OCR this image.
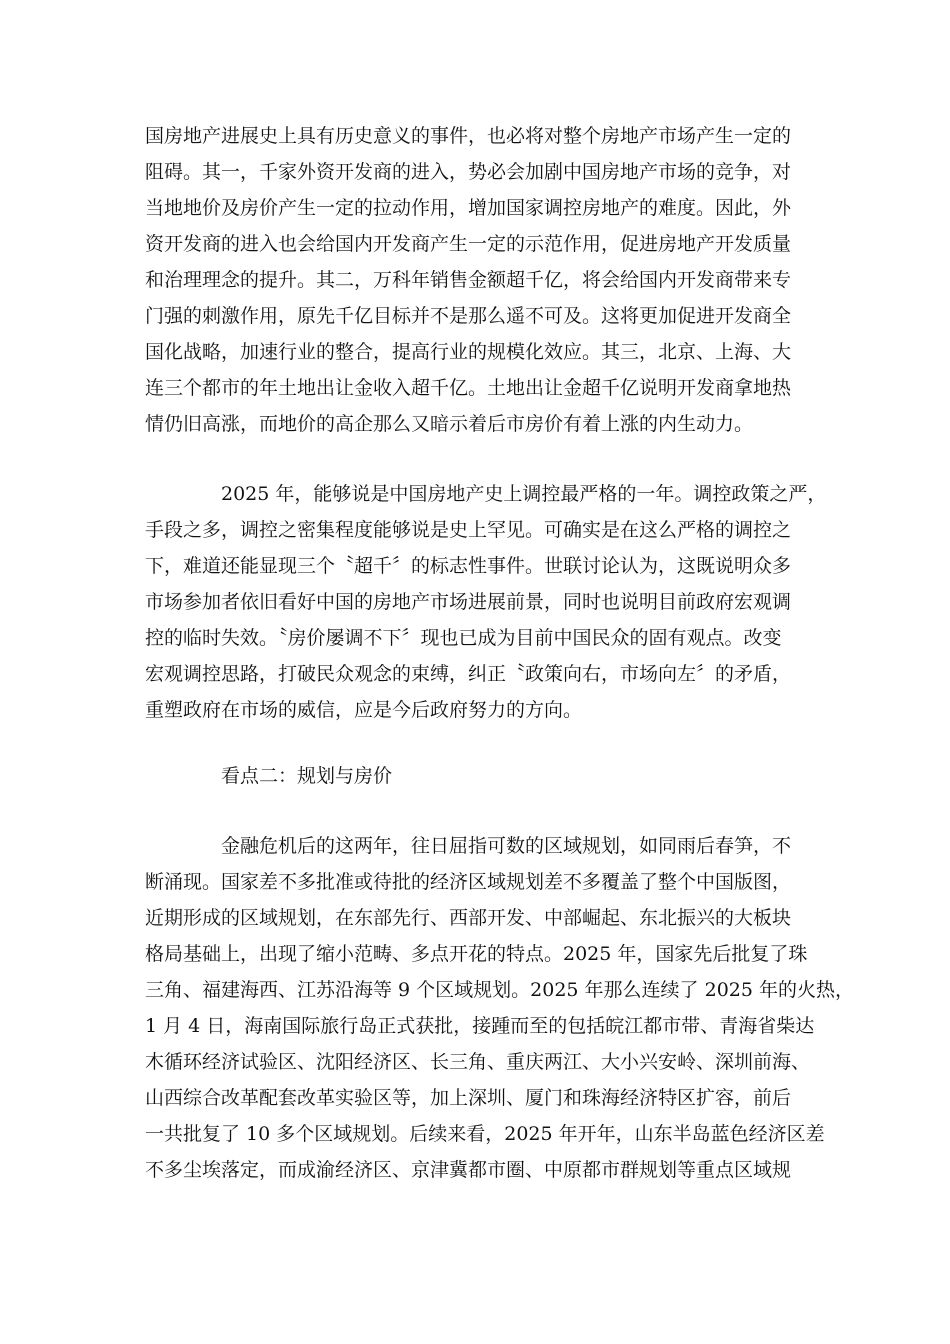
国房地产进展史上具有历史意义的事件，也必将对整个房地产市场产生一定的
阻碍。其一，千家外资开发商的进入，势必会加剧中国房地产市场的竞争，对
当地地价及房价产生一定的拉动作用，增加国家调控房地产的难度。因此，外
资开发商的进入也会给国内开发商产生一定的示范作用，促进房地产开发质量
和治理理念的提升。其二，万科年销售金额超千亿，将会给国内开发商带来专
门强的刺激作用，原先千亿目标并不是那么遥不可及。这将更加促进开发商全
国化战略，加速行业的整合，提高行业的规模化效应。其三，北京、上海、大
连三个都市的年土地出让金收入超千亿。土地出让金超千亿说明开发商拿地热
情仍旧高涨，而地价的高企那么又暗示着后市房价有着上涨的内生动力。
2025 年，能够说是中国房地产史上调控最严格的一年。调控政策之严，
手段之多，调控之密集程度能够说是史上罕见。可确实是在这么严格的调控之
下，难道还能显现三个〝超千〞的标志性事件。世联讨论认为，这既说明众多
市场参加者依旧看好中国的房地产市场进展前景，同时也说明目前政府宏观调
控的临时失效。〝房价屡调不下〞现也已成为目前中国民众的固有观点。改变
宏观调控思路，打破民众观念的束缚，纠正〝政策向右，市场向左〞的矛盾，
重塑政府在市场的威信，应是今后政府努力的方向。
看点二：规划与房价
金融危机后的这两年，往日屈指可数的区域规划，如同雨后春笋，不
断涌现。国家差不多批准或待批的经济区域规划差不多覆盖了整个中国版图，
近期形成的区域规划，在东部先行、西部开发、中部崛起、东北振兴的大板块
格局基础上，出现了缩小范畴、多点开花的特点。2025 年，国家先后批复了珠
三角、福建海西、江苏沿海等 9 个区域规划。2025 年那么连续了 2025 年的火热，
1 月 4 日，海南国际旅行岛正式获批，接踵而至的包括皖江都市带、青海省柴达
木循环经济试验区、沈阳经济区、长三角、重庆两江、大小兴安岭、深圳前海、
山西综合改革配套改革实验区等，加上深圳、厦门和珠海经济特区扩容，前后
一共批复了 10 多个区域规划。后续来看，2025 年开年，山东半岛蓝色经济区差
不多尘埃落定，而成渝经济区、京津冀都市圈、中原都市群规划等重点区域规
